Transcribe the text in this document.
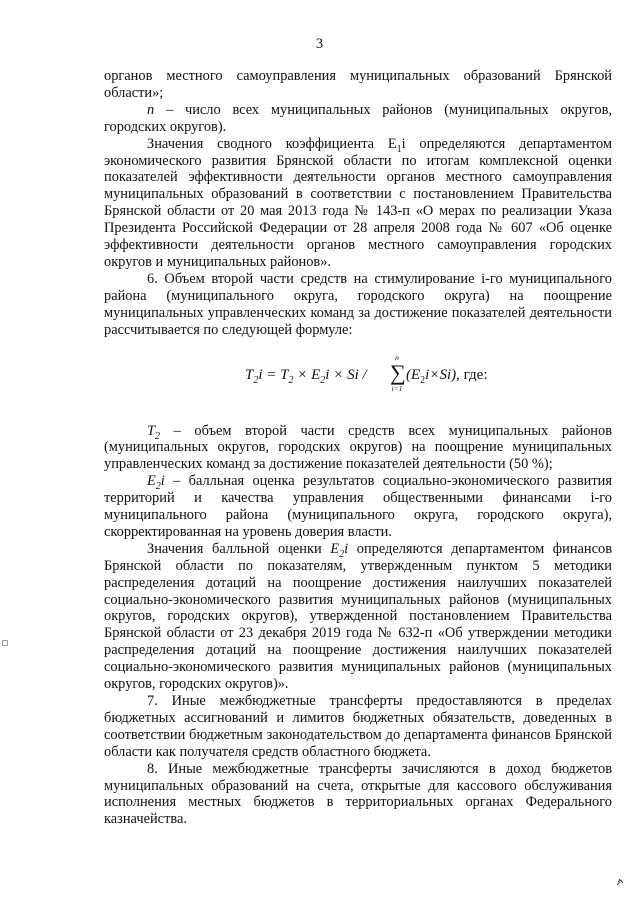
3

органов местного самоуправления муниципальных образований Брянской области»;

n – число всех муниципальных районов (муниципальных округов, городских округов).

Значения сводного коэффициента $E_1i$ определяются департаментом экономического развития Брянской области по итогам комплексной оценки показателей эффективности деятельности органов местного самоуправления муниципальных образований в соответствии с постановлением Правительства Брянской области от 20 мая 2013 года № 143-п «О мерах по реализации Указа Президента Российской Федерации от 28 апреля 2008 года № 607 «Об оценке эффективности деятельности органов местного самоуправления городских округов и муниципальных районов».

6. Объем второй части средств на стимулирование i-го муниципального района (муниципального округа, городского округа) на поощрение муниципальных управленческих команд за достижение показателей деятельности рассчитывается по следующей формуле:

$T_2i = T_2 \times E_2i \times Si$ /
n
∑
i=1
$(E_2i\times Si)$, где:

$T_2$ – объем второй части средств всех муниципальных районов (муниципальных округов, городских округов) на поощрение муниципальных управленческих команд за достижение показателей деятельности (50 %);

$E_2i$ – балльная оценка результатов социально-экономического развития территорий и качества управления общественными финансами i-го муниципального района (муниципального округа, городского округа), скорректированная на уровень доверия власти.

Значения балльной оценки $E_2i$ определяются департаментом финансов Брянской области по показателям, утвержденным пунктом 5 методики распределения дотаций на поощрение достижения наилучших показателей социально-экономического развития муниципальных районов (муниципальных округов, городских округов), утвержденной постановлением Правительства Брянской области от 23 декабря 2019 года № 632-п «Об утверждении методики распределения дотаций на поощрение достижения наилучших показателей социально-экономического развития муниципальных районов (муниципальных округов, городских округов)».

7. Иные межбюджетные трансферты предоставляются в пределах бюджетных ассигнований и лимитов бюджетных обязательств, доведенных в соответствии бюджетным законодательством до департамента финансов Брянской области как получателя средств областного бюджета.

8. Иные межбюджетные трансферты зачисляются в доход бюджетов муниципальных образований на счета, открытые для кассового обслуживания исполнения местных бюджетов в территориальных органах Федерального казначейства.
